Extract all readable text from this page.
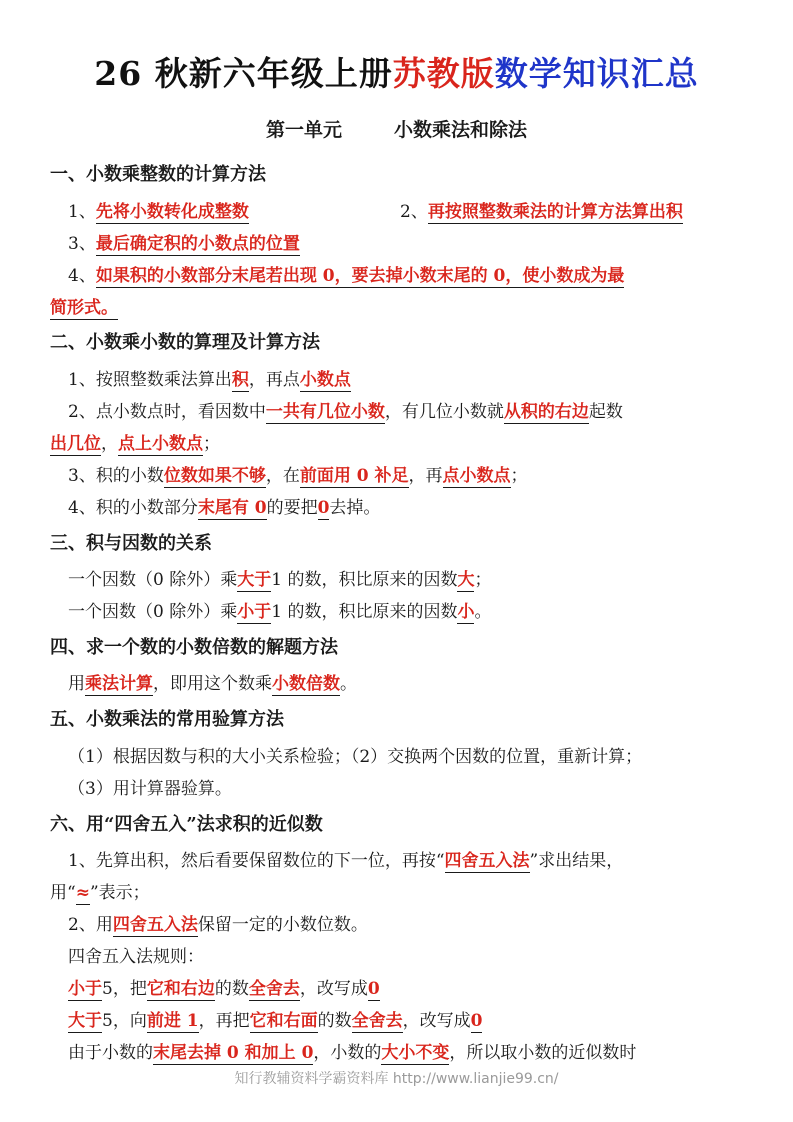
26 秋新六年级上册苏教版数学知识汇总
第一单元	小数乘法和除法
一、小数乘整数的计算方法
1、先将小数转化成整数	2、再按照整数乘法的计算方法算出积
3、最后确定积的小数点的位置
4、如果积的小数部分末尾若出现 0，要去掉小数末尾的 0，使小数成为最
简形式。
二、小数乘小数的算理及计算方法
1、按照整数乘法算出积，再点小数点
2、点小数点时，看因数中一共有几位小数，有几位小数就从积的右边起数
出几位，点上小数点；
3、积的小数位数如果不够，在前面用 0 补足，再点小数点；
4、积的小数部分末尾有 0的要把0去掉。
三、积与因数的关系
一个因数（0 除外）乘大于1 的数，积比原来的因数大；
一个因数（0 除外）乘小于1 的数，积比原来的因数小。
四、求一个数的小数倍数的解题方法
用乘法计算，即用这个数乘小数倍数。
五、小数乘法的常用验算方法
（1）根据因数与积的大小关系检验；（2）交换两个因数的位置，重新计算；
（3）用计算器验算。
六、用“四舍五入”法求积的近似数
1、先算出积，然后看要保留数位的下一位，再按“四舍五入法”求出结果，
用“≈”表示；
2、用四舍五入法保留一定的小数位数。
四舍五入法规则：
小于5，把它和右边的数全舍去，改写成0
大于5，向前进 1，再把它和右面的数全舍去，改写成0
由于小数的末尾去掉 0 和加上 0，小数的大小不变，所以取小数的近似数时
知行教辅资料学霸资料库 http://www.lianjie99.cn/
